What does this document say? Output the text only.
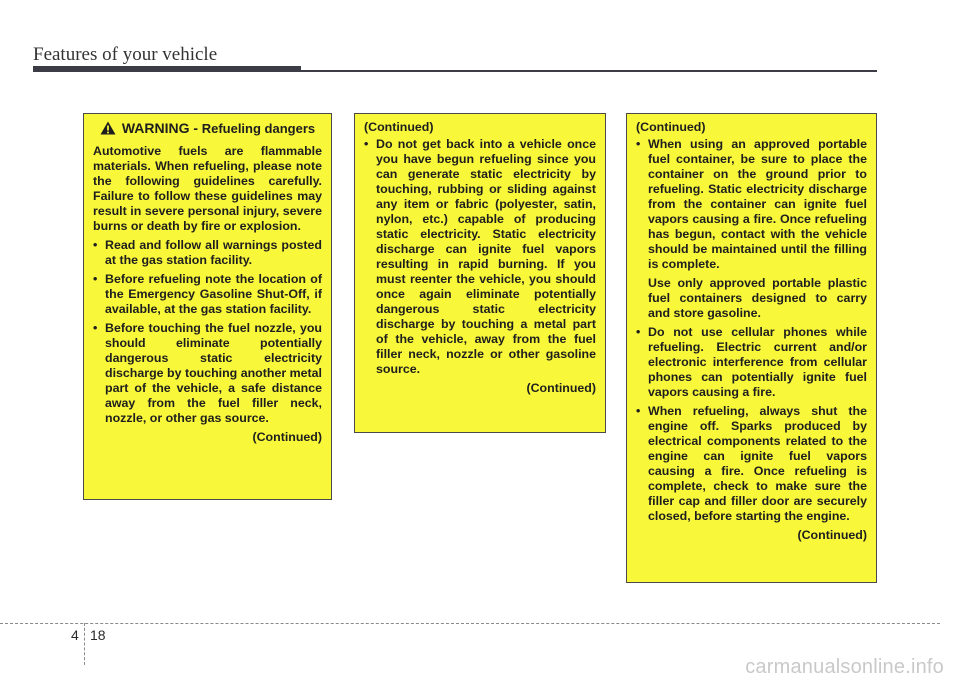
Features of your vehicle
WARNING - Refueling dangers

Automotive fuels are flammable materials. When refueling, please note the following guidelines carefully. Failure to follow these guidelines may result in severe personal injury, severe burns or death by fire or explosion.

• Read and follow all warnings posted at the gas station facility.
• Before refueling note the location of the Emergency Gasoline Shut-Off, if available, at the gas station facility.
• Before touching the fuel nozzle, you should eliminate potentially dangerous static electricity discharge by touching another metal part of the vehicle, a safe distance away from the fuel filler neck, nozzle, or other gas source.
(Continued)
(Continued)
• Do not get back into a vehicle once you have begun refueling since you can generate static electricity by touching, rubbing or sliding against any item or fabric (polyester, satin, nylon, etc.) capable of producing static electricity. Static electricity discharge can ignite fuel vapors resulting in rapid burning. If you must reenter the vehicle, you should once again eliminate potentially dangerous static electricity discharge by touching a metal part of the vehicle, away from the fuel filler neck, nozzle or other gasoline source.
(Continued)
(Continued)
• When using an approved portable fuel container, be sure to place the container on the ground prior to refueling. Static electricity discharge from the container can ignite fuel vapors causing a fire. Once refueling has begun, contact with the vehicle should be maintained until the filling is complete.

Use only approved portable plastic fuel containers designed to carry and store gasoline.

• Do not use cellular phones while refueling. Electric current and/or electronic interference from cellular phones can potentially ignite fuel vapors causing a fire.
• When refueling, always shut the engine off. Sparks produced by electrical components related to the engine can ignite fuel vapors causing a fire. Once refueling is complete, check to make sure the filler cap and filler door are securely closed, before starting the engine.
(Continued)
4 18
carmanualsonline.info
